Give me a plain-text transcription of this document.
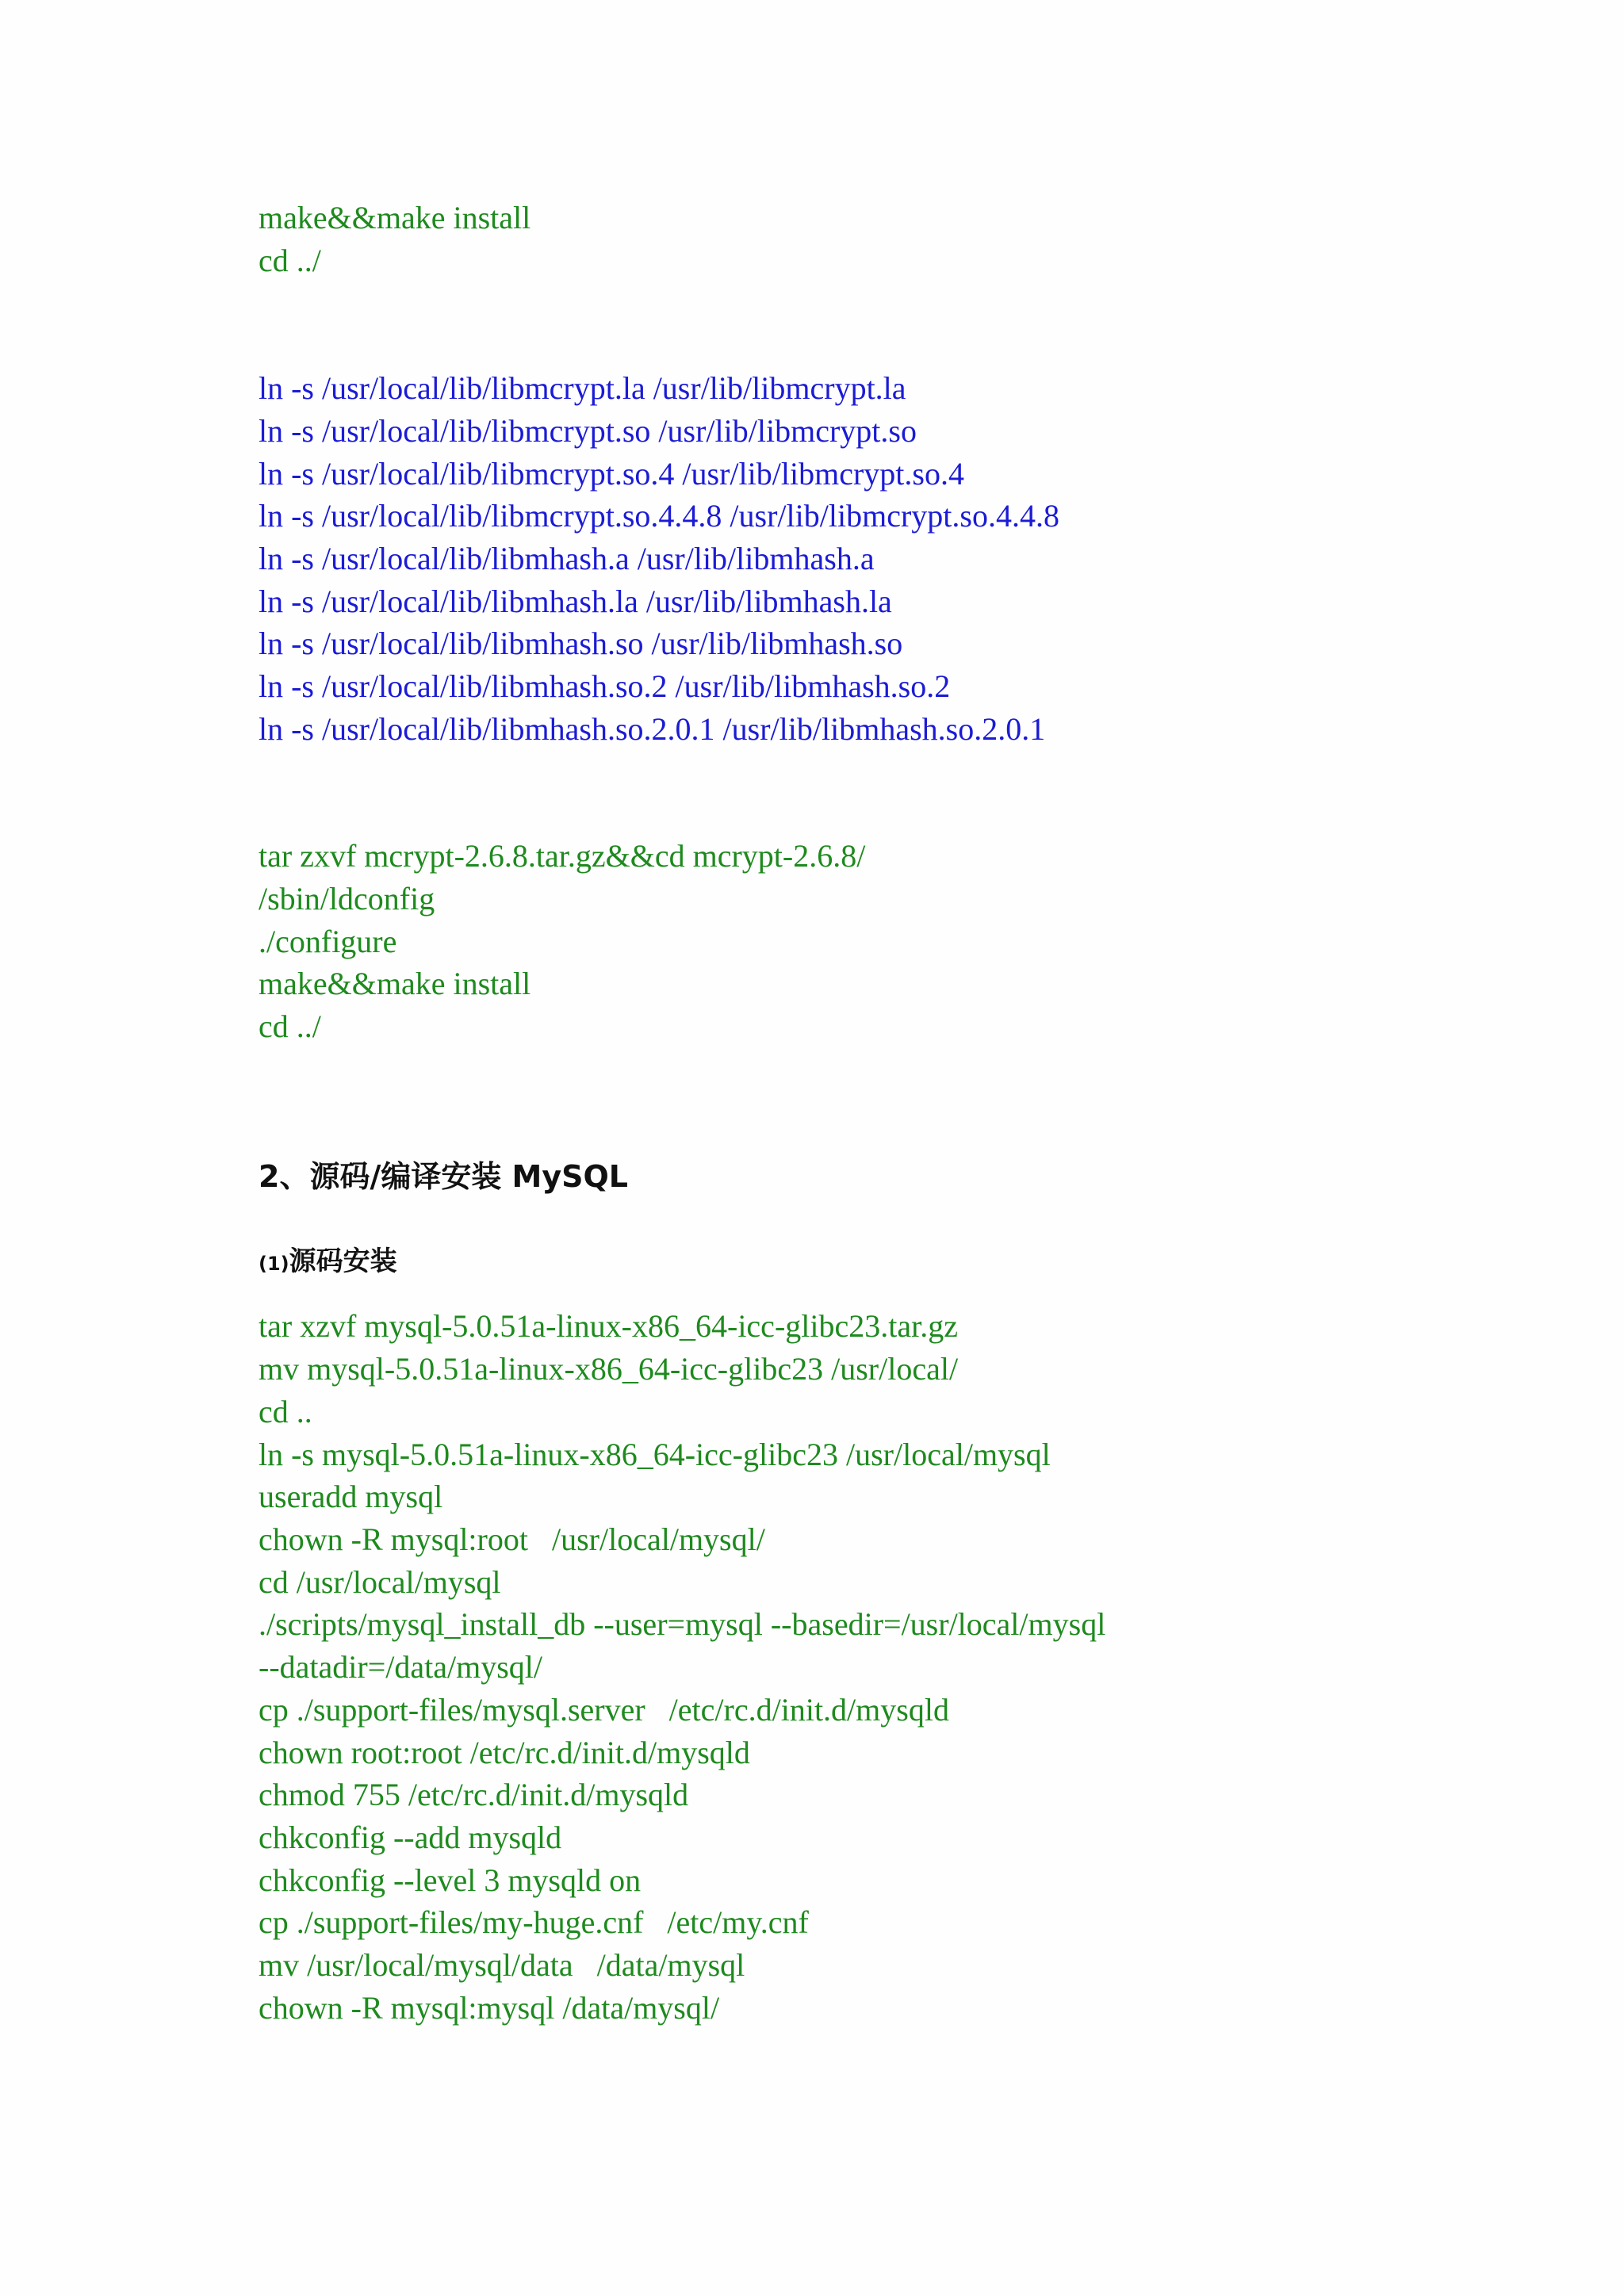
make&&make install

cd ../

ln -s /usr/local/lib/libmcrypt.la /usr/lib/libmcrypt.la

ln -s /usr/local/lib/libmcrypt.so /usr/lib/libmcrypt.so

ln -s /usr/local/lib/libmcrypt.so.4 /usr/lib/libmcrypt.so.4

ln -s /usr/local/lib/libmcrypt.so.4.4.8 /usr/lib/libmcrypt.so.4.4.8

ln -s /usr/local/lib/libmhash.a /usr/lib/libmhash.a

ln -s /usr/local/lib/libmhash.la /usr/lib/libmhash.la

ln -s /usr/local/lib/libmhash.so /usr/lib/libmhash.so

ln -s /usr/local/lib/libmhash.so.2 /usr/lib/libmhash.so.2

ln -s /usr/local/lib/libmhash.so.2.0.1 /usr/lib/libmhash.so.2.0.1

tar zxvf mcrypt-2.6.8.tar.gz&&cd mcrypt-2.6.8/

/sbin/ldconfig

./configure

make&&make install

cd ../

2、源码/编译安装 MySQL
(1)源码安装

tar xzvf mysql-5.0.51a-linux-x86_64-icc-glibc23.tar.gz

mv mysql-5.0.51a-linux-x86_64-icc-glibc23 /usr/local/

cd ..

ln -s mysql-5.0.51a-linux-x86_64-icc-glibc23 /usr/local/mysql

useradd mysql

chown -R mysql:root   /usr/local/mysql/

cd /usr/local/mysql

./scripts/mysql_install_db --user=mysql --basedir=/usr/local/mysql

--datadir=/data/mysql/

cp ./support-files/mysql.server   /etc/rc.d/init.d/mysqld

chown root:root /etc/rc.d/init.d/mysqld

chmod 755 /etc/rc.d/init.d/mysqld

chkconfig --add mysqld

chkconfig --level 3 mysqld on

cp ./support-files/my-huge.cnf   /etc/my.cnf

mv /usr/local/mysql/data   /data/mysql

chown -R mysql:mysql /data/mysql/
